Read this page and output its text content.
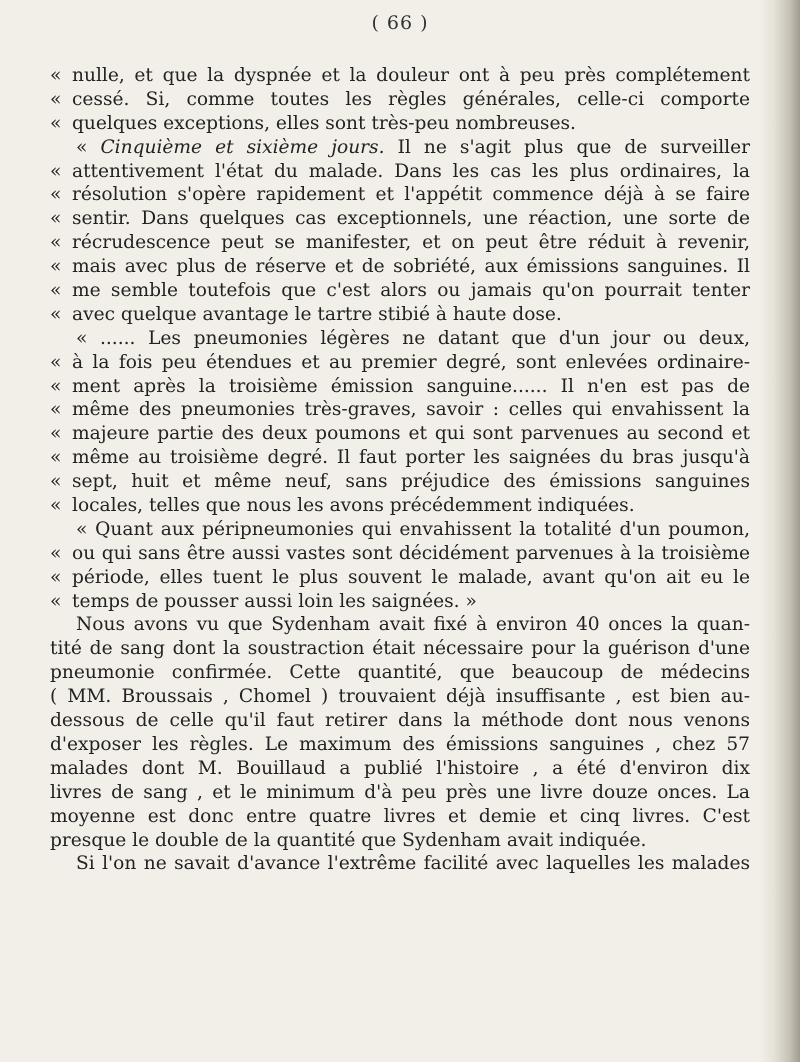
( 66 )
« nulle, et que la dyspnée et la douleur ont à peu près complétement
« cessé. Si, comme toutes les règles générales, celle-ci comporte
« quelques exceptions, elles sont très-peu nombreuses.
« Cinquième et sixième jours. Il ne s'agit plus que de surveiller
« attentivement l'état du malade. Dans les cas les plus ordinaires, la
« résolution s'opère rapidement et l'appétit commence déjà à se faire
« sentir. Dans quelques cas exceptionnels, une réaction, une sorte de
« récrudescence peut se manifester, et on peut être réduit à revenir,
« mais avec plus de réserve et de sobriété, aux émissions sanguines. Il
« me semble toutefois que c'est alors ou jamais qu'on pourrait tenter
« avec quelque avantage le tartre stibié à haute dose.
« ...... Les pneumonies légères ne datant que d'un jour ou deux,
« à la fois peu étendues et au premier degré, sont enlevées ordinaire-
« ment après la troisième émission sanguine...... Il n'en est pas de
« même des pneumonies très-graves, savoir : celles qui envahissent la
« majeure partie des deux poumons et qui sont parvenues au second et
« même au troisième degré. Il faut porter les saignées du bras jusqu'à
« sept, huit et même neuf, sans préjudice des émissions sanguines
« locales, telles que nous les avons précédemment indiquées.
« Quant aux péripneumonies qui envahissent la totalité d'un poumon,
« ou qui sans être aussi vastes sont décidément parvenues à la troisième
« période, elles tuent le plus souvent le malade, avant qu'on ait eu le
« temps de pousser aussi loin les saignées. »
Nous avons vu que Sydenham avait fixé à environ 40 onces la quan-
tité de sang dont la soustraction était nécessaire pour la guérison d'une
pneumonie confirmée. Cette quantité, que beaucoup de médecins
( MM. Broussais , Chomel ) trouvaient déjà insuffisante , est bien au-
dessous de celle qu'il faut retirer dans la méthode dont nous venons
d'exposer les règles. Le maximum des émissions sanguines , chez 57
malades dont M. Bouillaud a publié l'histoire , a été d'environ dix
livres de sang , et le minimum d'à peu près une livre douze onces. La
moyenne est donc entre quatre livres et demie et cinq livres. C'est
presque le double de la quantité que Sydenham avait indiquée.
Si l'on ne savait d'avance l'extrême facilité avec laquelles les malades
